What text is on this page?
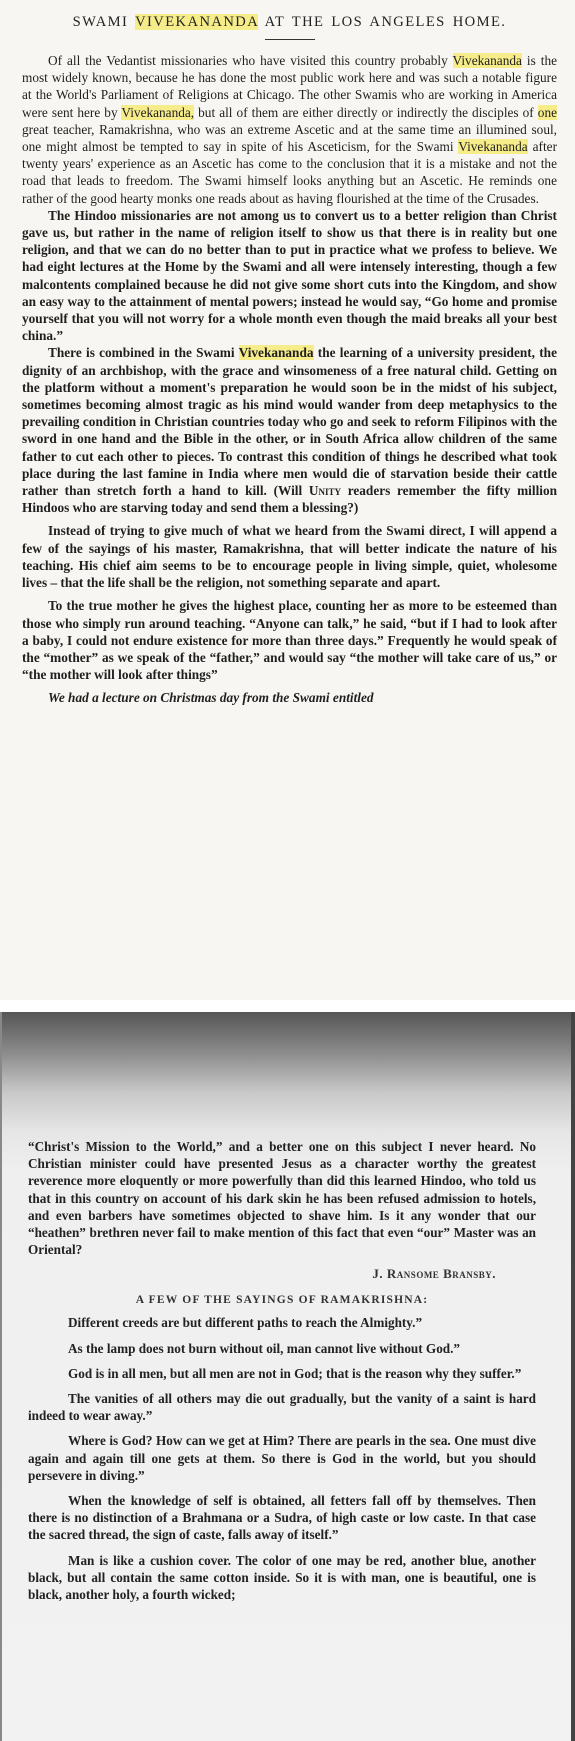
SWAMI VIVEKANANDA AT THE LOS ANGELES HOME.

Of all the Vedantist missionaries who have visited this country probably Vivekananda is the most widely known, because he has done the most public work here and was such a notable figure at the World's Parliament of Religions at Chicago. The other Swamis who are working in America were sent here by Vivekananda, but all of them are either directly or indirectly the disciples of one great teacher, Ramakrishna, who was an extreme Ascetic and at the same time an illumined soul, one might almost be tempted to say in spite of his Asceticism, for the Swami Vivekananda after twenty years' experience as an Ascetic has come to the conclusion that it is a mistake and not the road that leads to freedom. The Swami himself looks anything but an Ascetic. He reminds one rather of the good hearty monks one reads about as having flourished at the time of the Crusades.

The Hindoo missionaries are not among us to convert us to a better religion than Christ gave us, but rather in the name of religion itself to show us that there is in reality but one religion, and that we can do no better than to put in practice what we profess to believe. We had eight lectures at the Home by the Swami and all were intensely interesting, though a few malcontents complained because he did not give some short cuts into the Kingdom, and show an easy way to the attainment of mental powers; instead he would say, “Go home and promise yourself that you will not worry for a whole month even though the maid breaks all your best china.”

There is combined in the Swami Vivekananda the learning of a university president, the dignity of an archbishop, with the grace and winsomeness of a free natural child. Getting on the platform without a moment's preparation he would soon be in the midst of his subject, sometimes becoming almost tragic as his mind would wander from deep metaphysics to the prevailing condition in Christian countries today who go and seek to reform Filipinos with the sword in one hand and the Bible in the other, or in South Africa allow children of the same father to cut each other to pieces. To contrast this condition of things he described what took place during the last famine in India where men would die of starvation beside their cattle rather than stretch forth a hand to kill. (Will Unity readers remember the fifty million Hindoos who are starving today and send them a blessing?)

Instead of trying to give much of what we heard from the Swami direct, I will append a few of the sayings of his master, Ramakrishna, that will better indicate the nature of his teaching. His chief aim seems to be to encourage people in living simple, quiet, wholesome lives – that the life shall be the religion, not something separate and apart.

To the true mother he gives the highest place, counting her as more to be esteemed than those who simply run around teaching. “Anyone can talk,” he said, “but if I had to look after a baby, I could not endure existence for more than three days.” Frequently he would speak of the “mother” as we speak of the “father,” and would say “the mother will take care of us,” or “the mother will look after things”

We had a lecture on Christmas day from the Swami entitled

“Christ's Mission to the World,” and a better one on this subject I never heard. No Christian minister could have presented Jesus as a character worthy the greatest reverence more eloquently or more powerfully than did this learned Hindoo, who told us that in this country on account of his dark skin he has been refused admission to hotels, and even barbers have sometimes objected to shave him. Is it any wonder that our “heathen” brethren never fail to make mention of this fact that even “our” Master was an Oriental?

J. Ransome Bransby.
A FEW OF THE SAYINGS OF RAMAKRISHNA:

Different creeds are but different paths to reach the Almighty.”

As the lamp does not burn without oil, man cannot live without God.”

God is in all men, but all men are not in God; that is the reason why they suffer.”

The vanities of all others may die out gradually, but the vanity of a saint is hard indeed to wear away.”

Where is God? How can we get at Him? There are pearls in the sea. One must dive again and again till one gets at them. So there is God in the world, but you should persevere in diving.”

When the knowledge of self is obtained, all fetters fall off by themselves. Then there is no distinction of a Brahmana or a Sudra, of high caste or low caste. In that case the sacred thread, the sign of caste, falls away of itself.”

Man is like a cushion cover. The color of one may be red, another blue, another black, but all contain the same cotton inside. So it is with man, one is beautiful, one is black, another holy, a fourth wicked;
